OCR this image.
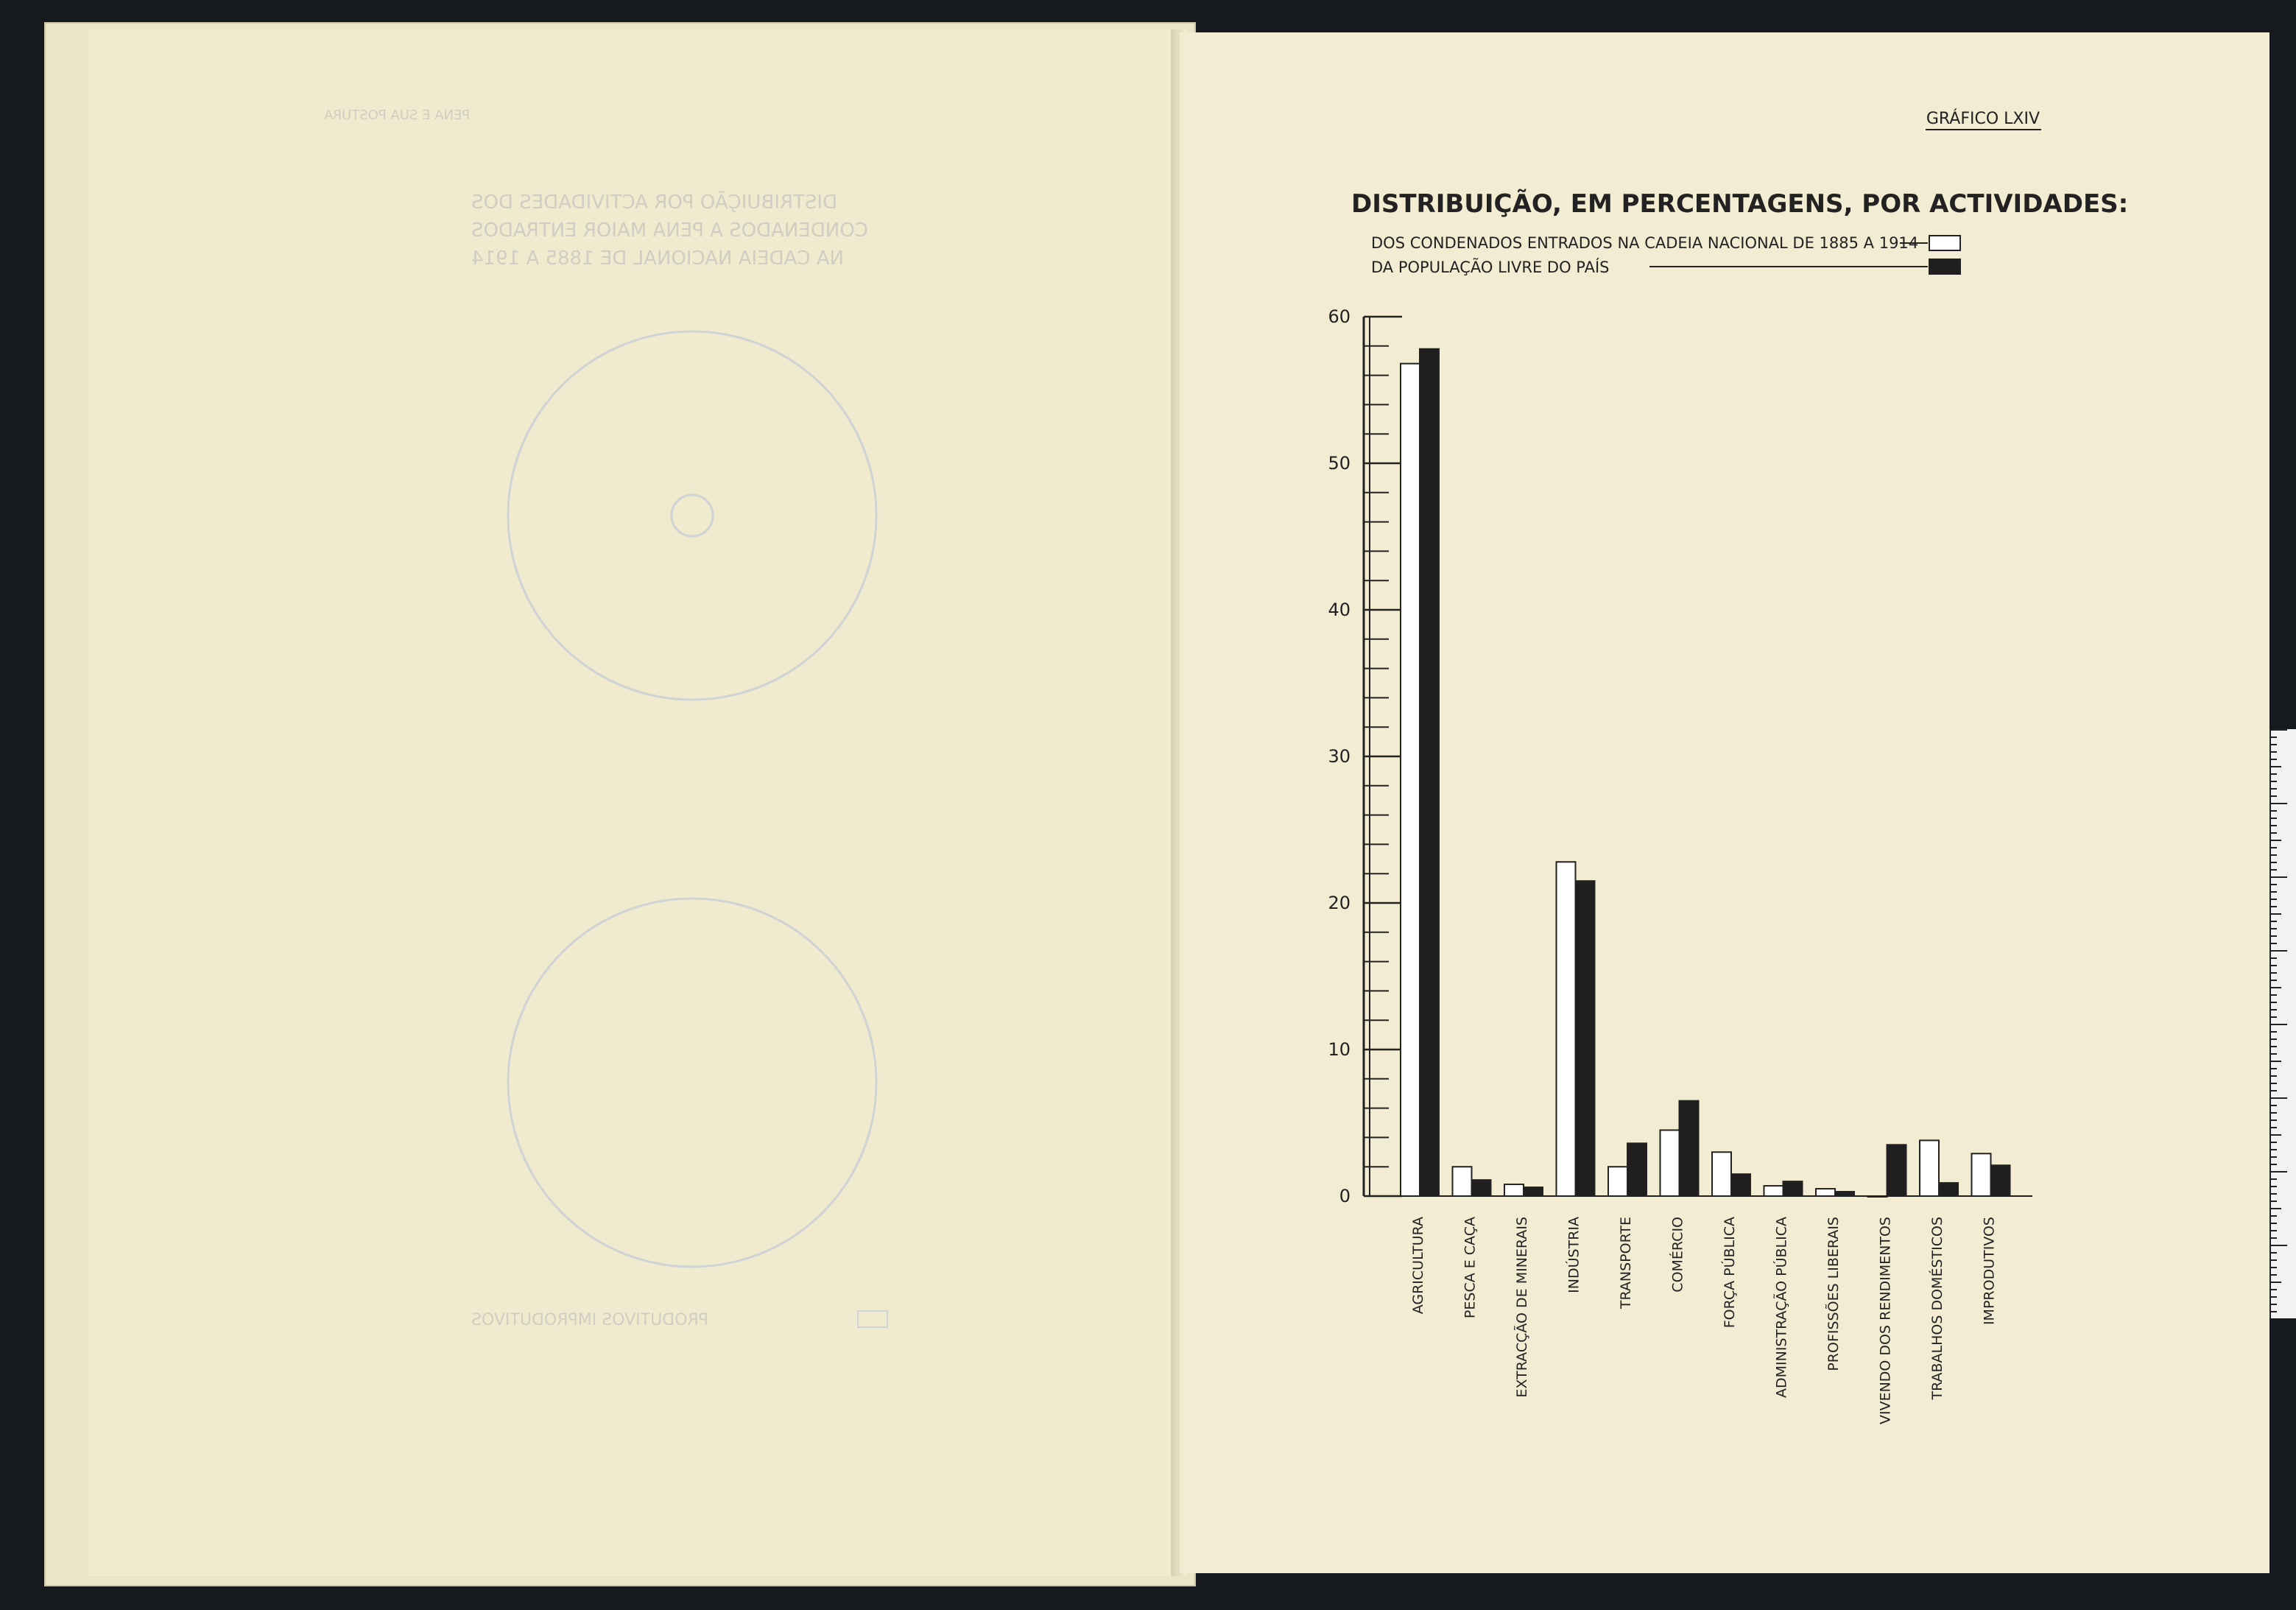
PENA E SUA POSTURA
DISTRIBUIÇÃO POR ACTIVIDADES DOS
CONDENADOS A PENA MAIOR ENTRADOS
NA CADEIA NACIONAL DE 1885 A 1914
PRODUTIVOS IMPRODUTIVOS
GRÁFICO LXIV
DISTRIBUIÇÃO, EM PERCENTAGENS, POR ACTIVIDADES:
DOS CONDENADOS ENTRADOS NA CADEIA NACIONAL DE 1885 A 1914
DA POPULAÇÃO LIVRE DO PAÍS
0
10
20
30
40
50
60
AGRICULTURA	PESCA E CAÇA	EXTRACÇÃO DE MINERAIS	INDÚSTRIA	TRANSPORTE	COMÉRCIO	FORÇA PÚBLICA	ADMINISTRAÇÃO PÚBLICA	PROFISSÕES LIBERAIS	VIVENDO DOS RENDIMENTOS	TRABALHOS DOMÉSTICOS	IMPRODUTIVOS
